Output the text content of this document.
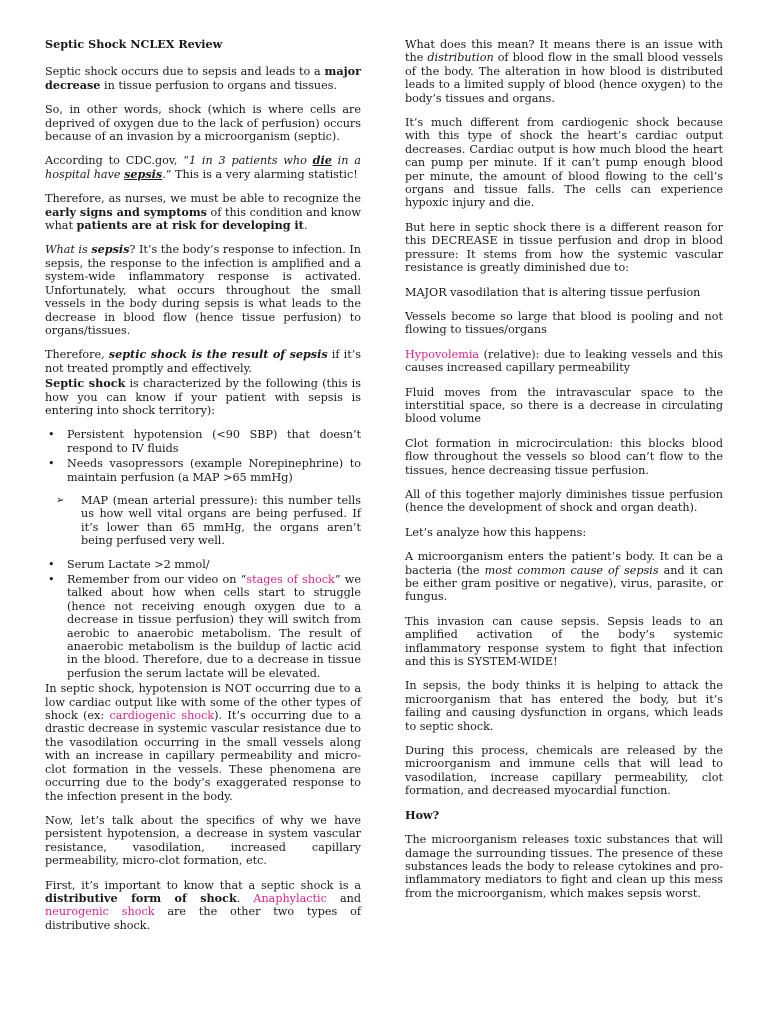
Septic Shock NCLEX Review

Septic shock occurs due to sepsis and leads to a major decrease in tissue perfusion to organs and tissues.

So, in other words, shock (which is where cells are deprived of oxygen due to the lack of perfusion) occurs because of an invasion by a microorganism (septic).

According to CDC.gov, “1 in 3 patients who die in a hospital have sepsis.” This is a very alarming statistic!

Therefore, as nurses, we must be able to recognize the early signs and symptoms of this condition and know what patients are at risk for developing it.

What is sepsis? It’s the body’s response to infection. In sepsis, the response to the infection is amplified and a system-wide inflammatory response is activated. Unfortunately, what occurs throughout the small vessels in the body during sepsis is what leads to the decrease in blood flow (hence tissue perfusion) to organs/tissues.

Therefore, septic shock is the result of sepsis if it’s not treated promptly and effectively.

Septic shock is characterized by the following (this is how you can know if your patient with sepsis is entering into shock territory):

• Persistent hypotension (<90 SBP) that doesn’t respond to IV fluids
• Needs vasopressors (example Norepinephrine) to maintain perfusion (a MAP >65 mmHg)
➢ MAP (mean arterial pressure): this number tells us how well vital organs are being perfused. If it’s lower than 65 mmHg, the organs aren’t being perfused very well.
• Serum Lactate >2 mmol/
• Remember from our video on “stages of shock” we talked about how when cells start to struggle (hence not receiving enough oxygen due to a decrease in tissue perfusion) they will switch from aerobic to anaerobic metabolism. The result of anaerobic metabolism is the buildup of lactic acid in the blood. Therefore, due to a decrease in tissue perfusion the serum lactate will be elevated.

In septic shock, hypotension is NOT occurring due to a low cardiac output like with some of the other types of shock (ex: cardiogenic shock). It’s occurring due to a drastic decrease in systemic vascular resistance due to the vasodilation occurring in the small vessels along with an increase in capillary permeability and micro-clot formation in the vessels. These phenomena are occurring due to the body’s exaggerated response to the infection present in the body.

Now, let’s talk about the specifics of why we have persistent hypotension, a decrease in system vascular resistance, vasodilation, increased capillary permeability, micro-clot formation, etc.

First, it’s important to know that a septic shock is a distributive form of shock. Anaphylactic and neurogenic shock are the other two types of distributive shock.

What does this mean? It means there is an issue with the distribution of blood flow in the small blood vessels of the body. The alteration in how blood is distributed leads to a limited supply of blood (hence oxygen) to the body’s tissues and organs.

It’s much different from cardiogenic shock because with this type of shock the heart’s cardiac output decreases. Cardiac output is how much blood the heart can pump per minute. If it can’t pump enough blood per minute, the amount of blood flowing to the cell’s organs and tissue falls. The cells can experience hypoxic injury and die.

But here in septic shock there is a different reason for this DECREASE in tissue perfusion and drop in blood pressure: It stems from how the systemic vascular resistance is greatly diminished due to:

MAJOR vasodilation that is altering tissue perfusion

Vessels become so large that blood is pooling and not flowing to tissues/organs

Hypovolemia (relative): due to leaking vessels and this causes increased capillary permeability

Fluid moves from the intravascular space to the interstitial space, so there is a decrease in circulating blood volume

Clot formation in microcirculation: this blocks blood flow throughout the vessels so blood can’t flow to the tissues, hence decreasing tissue perfusion.

All of this together majorly diminishes tissue perfusion (hence the development of shock and organ death).

Let’s analyze how this happens:

A microorganism enters the patient’s body. It can be a bacteria (the most common cause of sepsis and it can be either gram positive or negative), virus, parasite, or fungus.

This invasion can cause sepsis. Sepsis leads to an amplified activation of the body’s systemic inflammatory response system to fight that infection and this is SYSTEM-WIDE!

In sepsis, the body thinks it is helping to attack the microorganism that has entered the body, but it’s failing and causing dysfunction in organs, which leads to septic shock.

During this process, chemicals are released by the microorganism and immune cells that will lead to vasodilation, increase capillary permeability, clot formation, and decreased myocardial function.

How?

The microorganism releases toxic substances that will damage the surrounding tissues. The presence of these substances leads the body to release cytokines and pro-inflammatory mediators to fight and clean up this mess from the microorganism, which makes sepsis worst.
